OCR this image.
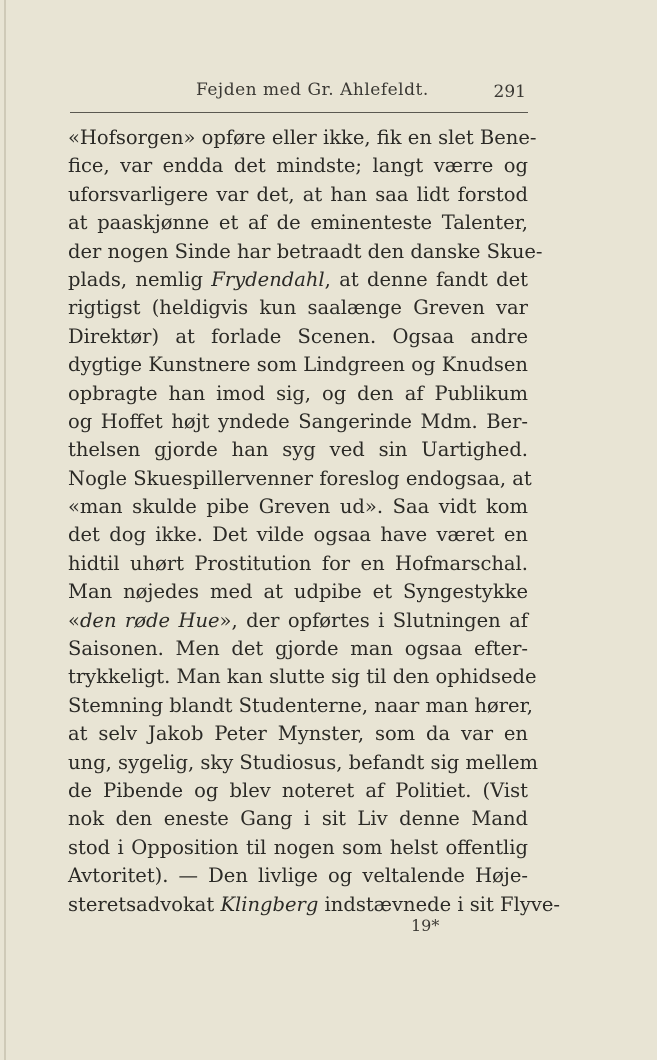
Fejden med Gr. Ahlefeldt.	291
«Hofsorgen» opføre eller ikke, fik en slet Bene-
fice, var endda det mindste; langt værre og
uforsvarligere var det, at han saa lidt forstod
at paaskjønne et af de eminenteste Talenter,
der nogen Sinde har betraadt den danske Skue-
plads, nemlig Frydendahl, at denne fandt det
rigtigst (heldigvis kun saalænge Greven var
Direktør) at forlade Scenen. Ogsaa andre
dygtige Kunstnere som Lindgreen og Knudsen
opbragte han imod sig, og den af Publikum
og Hoffet højt yndede Sangerinde Mdm. Ber-
thelsen gjorde han syg ved sin Uartighed.
Nogle Skuespillervenner foreslog endogsaa, at
«man skulde pibe Greven ud». Saa vidt kom
det dog ikke. Det vilde ogsaa have været en
hidtil uhørt Prostitution for en Hofmarschal.
Man nøjedes med at udpibe et Syngestykke
«den røde Hue», der opførtes i Slutningen af
Saisonen. Men det gjorde man ogsaa efter-
trykkeligt. Man kan slutte sig til den ophidsede
Stemning blandt Studenterne, naar man hører,
at selv Jakob Peter Mynster, som da var en
ung, sygelig, sky Studiosus, befandt sig mellem
de Pibende og blev noteret af Politiet. (Vist
nok den eneste Gang i sit Liv denne Mand
stod i Opposition til nogen som helst offentlig
Avtoritet). — Den livlige og veltalende Høje-
steretsadvokat Klingberg indstævnede i sit Flyve-
19*
